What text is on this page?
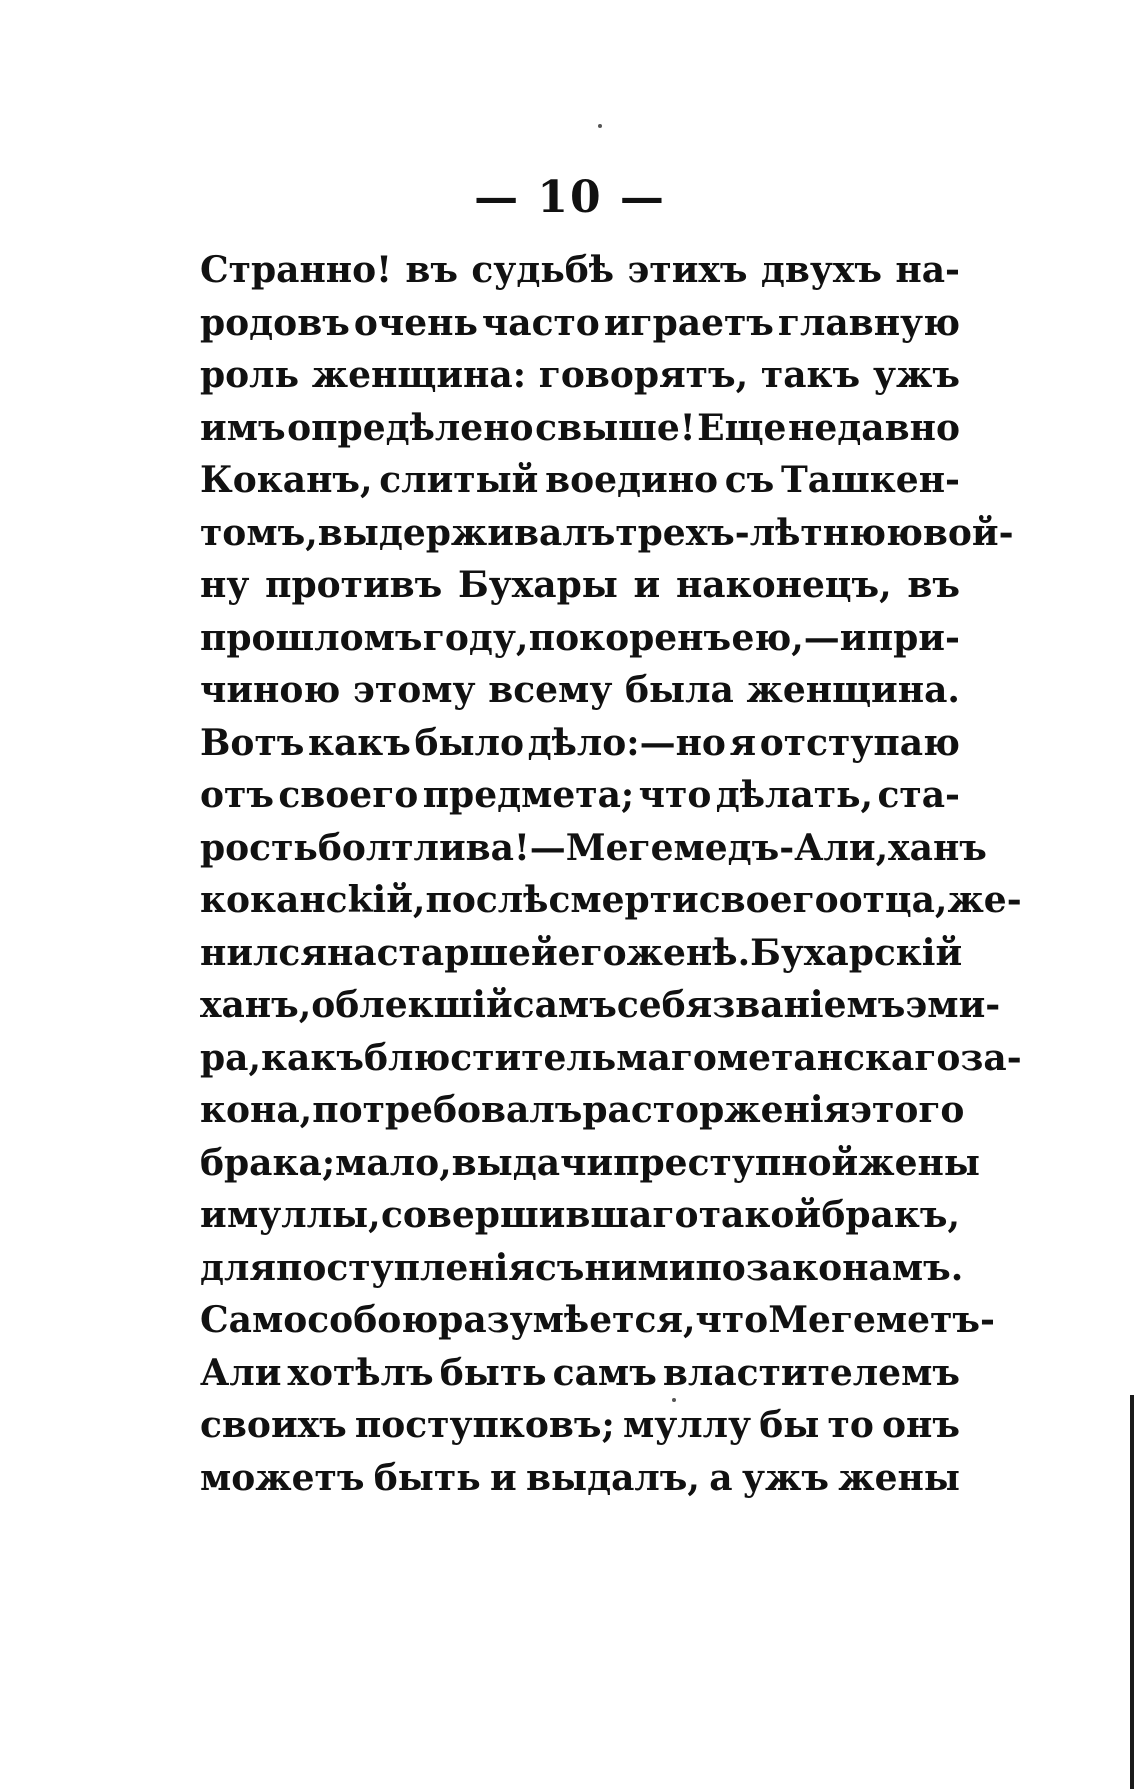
— 10 —
Странно! въ судьбѣ этихъ двухъ на-
родовъ очень часто играетъ главную
роль женщина: говорятъ, такъ ужъ
имъ опредѣлено свыше! Еще недавно
Коканъ, слитый воедино съ Ташкен-
томъ, выдерживалъ трехъ-лѣтнюю вой-
ну противъ Бухары и наконецъ, въ
прошломъ году, покоренъ ею,—и при-
чиною этому всему была женщина.
Вотъ какъ было дѣло:—но я отступаю
отъ своего предмета; что дѣлать, ста-
рость болтлива!—Мегемедъ-Али, ханъ
кокансkій, послѣ смерти своего отца, же-
нился на старшей его женѣ. Бухарскій
ханъ, облекшій самъ себя званіемъ эми-
ра, какъ блюститель магометанскаго за-
кона, потребовалъ расторженія этого
брака; мало, выдачи преступной жены
и муллы, совершившаго такой бракъ,
для поступленія съ ними по законамъ.
Само собою разумѣется, что Мегеметъ-
Али хотѣлъ быть самъ властителемъ
своихъ поступковъ; муллу бы то онъ
можетъ быть и выдалъ, а ужъ жены
